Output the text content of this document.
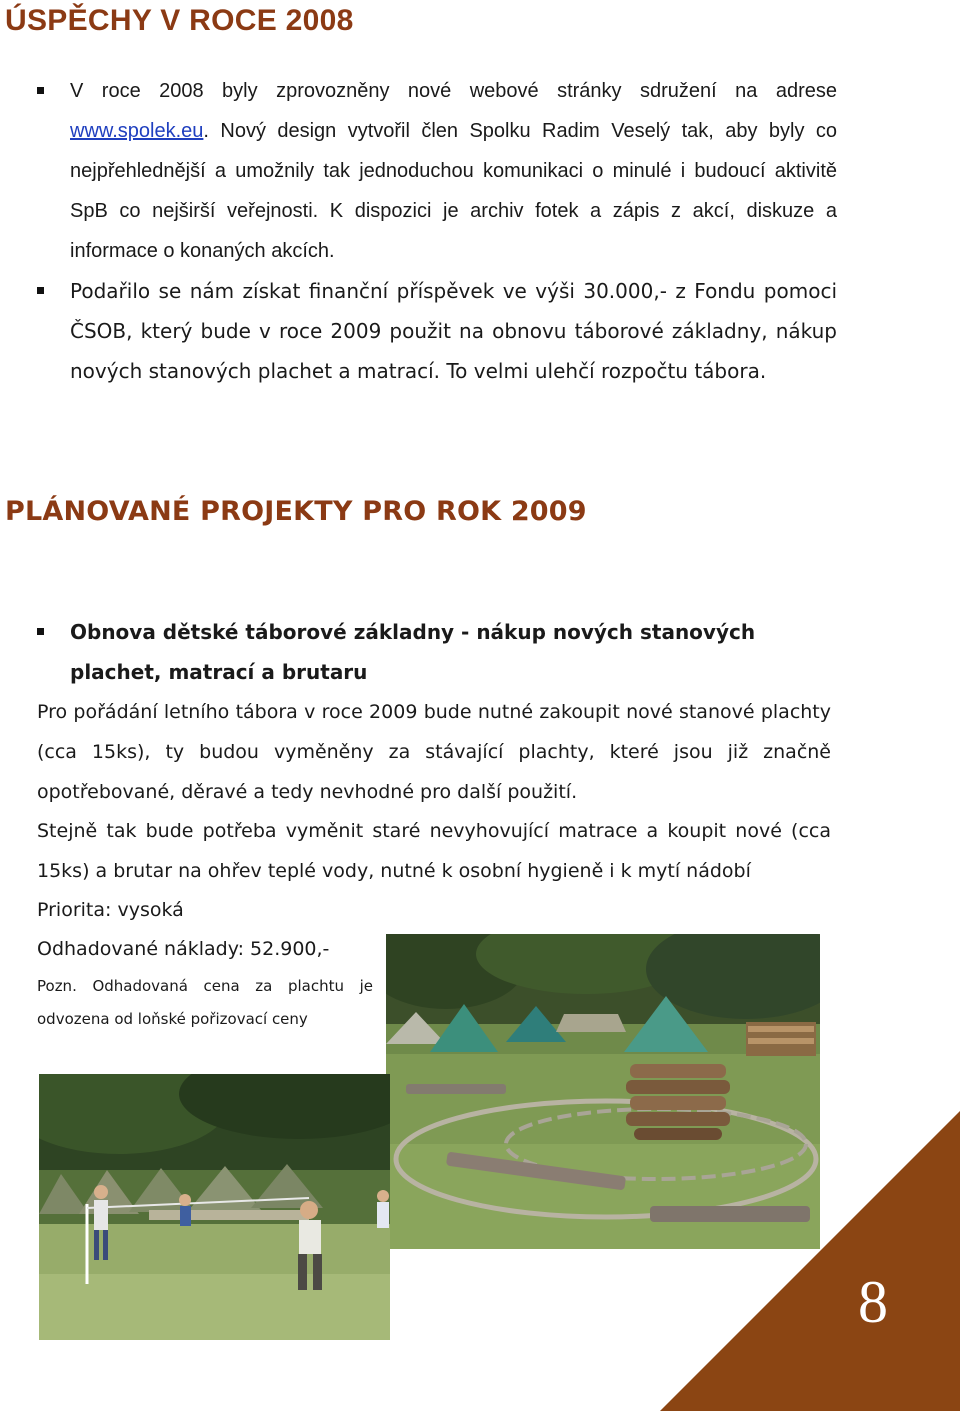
ÚSPĚCHY V ROCE 2008
V roce 2008 byly zprovozněny nové webové stránky sdružení na adrese www.spolek.eu. Nový design vytvořil člen Spolku Radim Veselý tak, aby byly co nejpřehlednější a umožnily tak jednoduchou komunikaci o minulé i budoucí aktivitě SpB co nejširší veřejnosti. K dispozici je archiv fotek a zápis z akcí, diskuze a informace o konaných akcích.
Podařilo se nám získat finanční příspěvek ve výši 30.000,- z Fondu pomoci ČSOB, který bude v roce 2009 použit na obnovu táborové základny, nákup nových stanových plachet a matrací. To velmi ulehčí rozpočtu tábora.
PLÁNOVANÉ PROJEKTY PRO ROK 2009
Obnova dětské táborové základny - nákup nových stanových plachet, matrací a brutaru

Pro pořádání letního tábora v roce 2009 bude nutné zakoupit nové stanové plachty (cca 15ks), ty budou vyměněny za stávající plachty, které jsou již značně opotřebované, děravé a tedy nevhodné pro další použití.

Stejně tak bude potřeba vyměnit staré nevyhovující matrace a koupit nové (cca 15ks) a brutar na ohřev teplé vody, nutné k osobní hygieně i k mytí nádobí

Priorita: vysoká

Odhadované náklady: 52.900,-

Pozn. Odhadovaná cena za plachtu je odvozena od loňské pořizovací ceny
8
